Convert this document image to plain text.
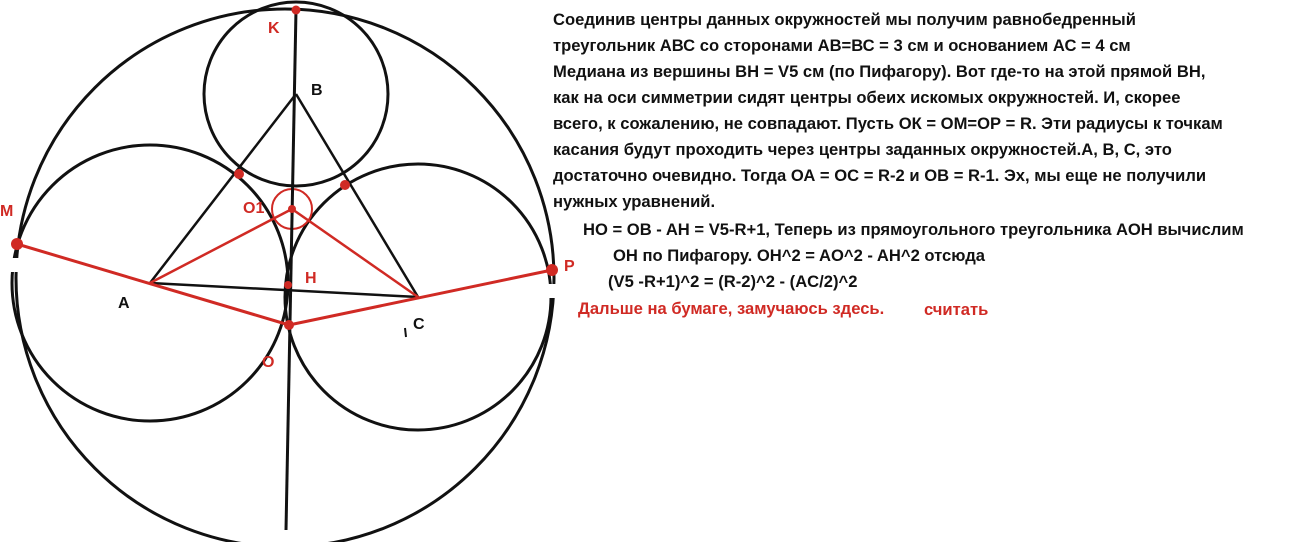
K
B
M	O1
H
A
C
O
P
Соединив центры данных окружностей мы получим равнобедренный
треугольник АВС со сторонами АВ=ВС = 3 см и основанием АС = 4 см
Медиана из вершины ВН = V5 см (по Пифагору). Вот где-то на этой прямой ВН,
как на оси симметрии сидят центры обеих искомых окружностей. И, скорее
всего, к сожалению, не совпадают. Пусть ОК = ОМ=ОР = R. Эти радиусы к точкам
касания будут проходить через центры заданных окружностей.А, В, С, это
достаточно очевидно. Тогда ОА = ОС = R-2 и ОВ = R-1. Эх, мы еще не получили
нужных уравнений.
HO = OB - AH = V5-R+1, Теперь из прямоугольного треугольника АОН вычислим
OH по Пифагору. OH^2 = AO^2 - AH^2 отсюда
(V5 -R+1)^2 = (R-2)^2 - (AC/2)^2
Дальше на бумаге, замучаюсь здесь. считать
